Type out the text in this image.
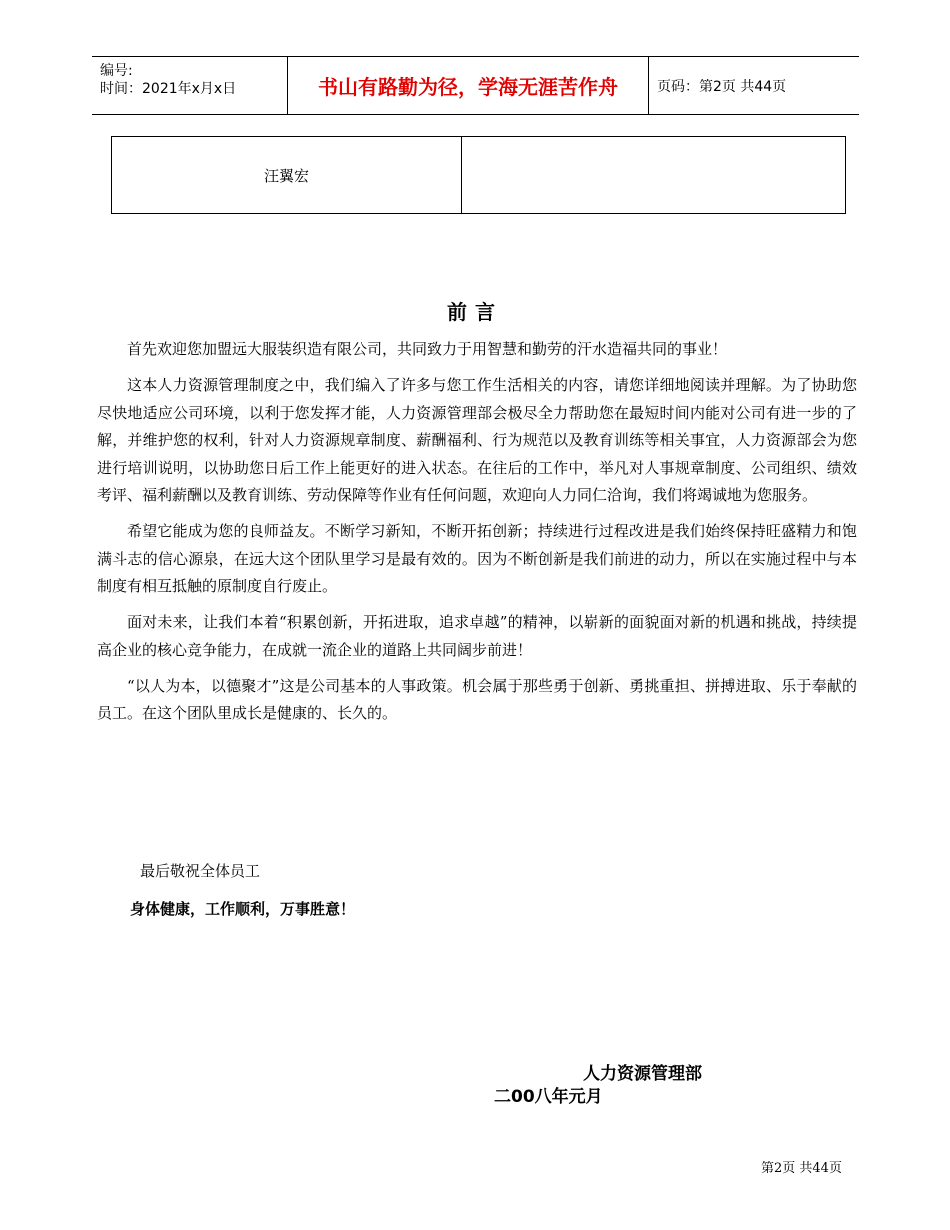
编号:
时间：2021年x月x日	书山有路勤为径，学海无涯苦作舟	页码：第2页 共44页
汪翼宏
前言

首先欢迎您加盟远大服装织造有限公司，共同致力于用智慧和勤劳的汗水造福共同的事业！

这本人力资源管理制度之中，我们编入了许多与您工作生活相关的内容，请您详细地阅读并理解。为了协助您尽快地适应公司环境，以利于您发挥才能，人力资源管理部会极尽全力帮助您在最短时间内能对公司有进一步的了解，并维护您的权利，针对人力资源规章制度、薪酬福利、行为规范以及教育训练等相关事宜，人力资源部会为您进行培训说明，以协助您日后工作上能更好的进入状态。在往后的工作中，举凡对人事规章制度、公司组织、绩效考评、福利薪酬以及教育训练、劳动保障等作业有任何问题，欢迎向人力同仁洽询，我们将竭诚地为您服务。

希望它能成为您的良师益友。不断学习新知，不断开拓创新；持续进行过程改进是我们始终保持旺盛精力和饱满斗志的信心源泉，在远大这个团队里学习是最有效的。因为不断创新是我们前进的动力，所以在实施过程中与本制度有相互抵触的原制度自行废止。

面对未来，让我们本着“积累创新，开拓进取，追求卓越”的精神，以崭新的面貌面对新的机遇和挑战，持续提高企业的核心竞争能力，在成就一流企业的道路上共同阔步前进！

“以人为本，以德聚才”这是公司基本的人事政策。机会属于那些勇于创新、勇挑重担、拼搏进取、乐于奉献的员工。在这个团队里成长是健康的、长久的。

最后敬祝全体员工
身体健康，工作顺利，万事胜意！
人力资源管理部
二00八年元月
第2页 共44页
